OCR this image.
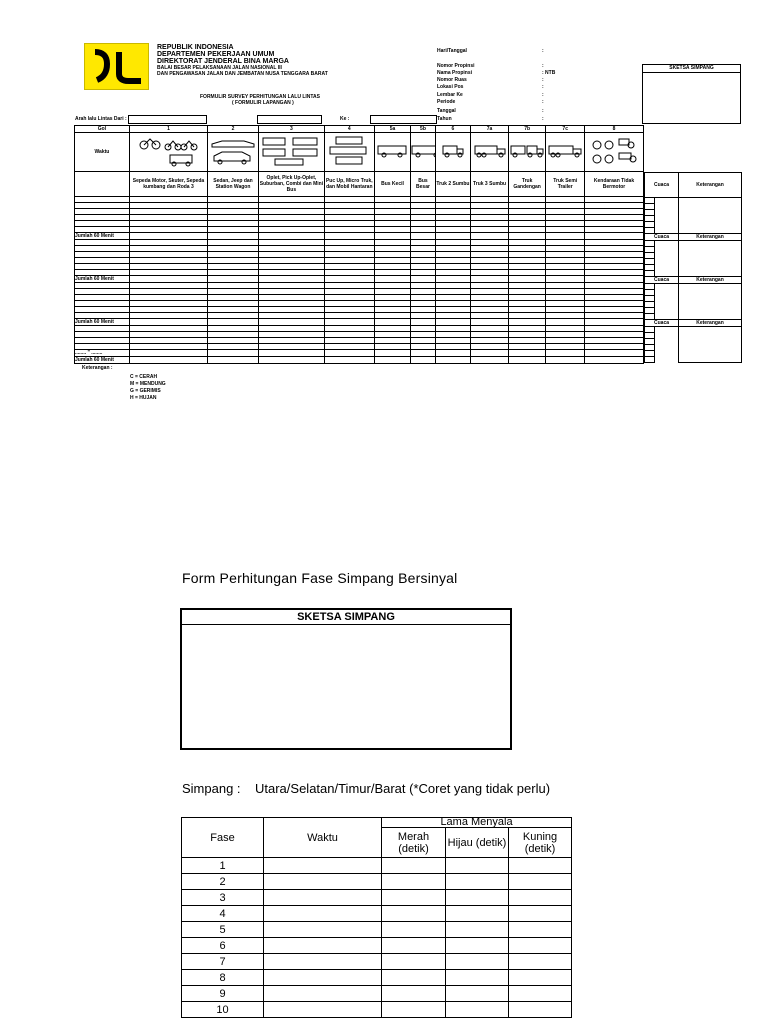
REPUBLIK INDONESIA
DEPARTEMEN PEKERJAAN UMUM
DIREKTORAT JENDERAL BINA MARGA
BALAI BESAR PELAKSANAAN JALAN NASIONAL III
DAN PENGAWASAN JALAN DAN JEMBATAN NUSA TENGGARA BARAT
FORMULIR SURVEY PERHITUNGAN LALU LINTAS
( FORMULIR LAPANGAN )
Hari/Tanggal	:
Nomor Propinsi	:
Nama Propinsi	: NTB
Nomor Ruas	:
Lokasi Pos	:
Lembar Ke	:
Periode	:
Tanggal	:
Tahun	:
SKETSA SIMPANG
Arah lalu Lintas Dari :	Ke :
Gol	1	2	3	4	5a	5b	6	7a	7b	7c	8
Waktu											
	Sepeda Motor, Skuter, Sepeda kumbang dan Roda 3	Sedan, Jeep dan Station Wagon	Oplet, Pick Up-Oplet, Suburban, Combi dan Mini Bus	Puc Up, Micro Truk, dan Mobil Hantaran	Bus Kecil	Bus Besar	Truk 2 Sumbu	Truk 3 Sumbu	Truk Gandengan	Truk Semi Trailer	Kendaraan Tidak Bermotor

Jumlah 60 Menit											

Jumlah 60 Menit											

Jumlah 60 Menit											

........ " ........											
Jumlah 60 Menit											
Cuaca		Keterangan

Cuaca		Keterangan

Cuaca		Keterangan

Cuaca		Keterangan

Keterangan :
C = CERAH
M = MENDUNG
G = GERIMIS
H = HUJAN
Form Perhitungan Fase Simpang Bersinyal
SKETSA SIMPANG
Simpang : Utara/Selatan/Timur/Barat (*Coret yang tidak perlu)
Fase	Waktu	Lama Menyala		
		Merah (detik)	Hijau (detik)	Kuning (detik)
1				
2				
3				
4				
5				
6				
7				
8				
9				
10				
